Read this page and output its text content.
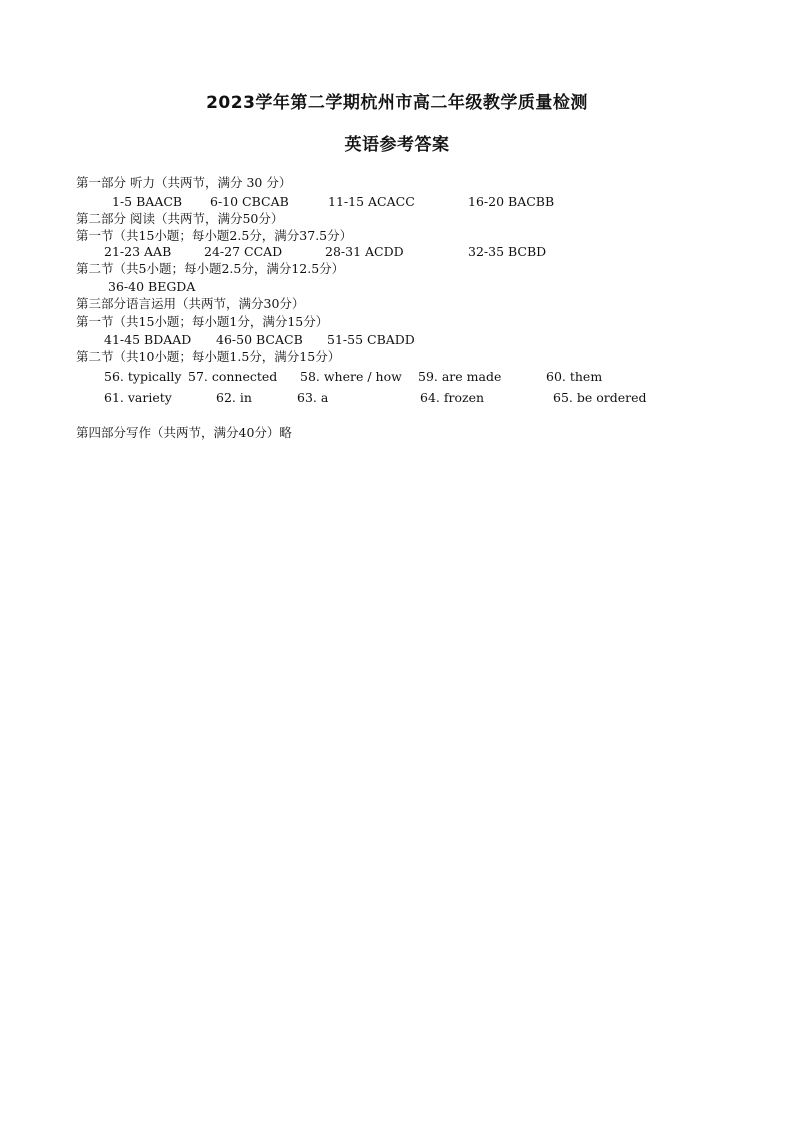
2023学年第二学期杭州市高二年级教学质量检测
英语参考答案
第一部分 听力（共两节，满分 30 分）
1-5 BAACB 6-10 CBCAB	11-15 ACACC	16-20 BACBB
第二部分 阅读（共两节，满分50分）
第一节（共15小题；每小题2.5分，满分37.5分）
21-23 AAB	24-27 CCAD	28-31 ACDD	32-35 BCBD
第二节（共5小题；每小题2.5分，满分12.5分）
36-40 BEGDA
第三部分语言运用（共两节，满分30分）
第一节（共15小题；每小题1分，满分15分）
41-45 BDAAD 46-50 BCACB 51-55 CBADD
第二节（共10小题；每小题1.5分，满分15分）
56. typically 57. connected 58. where / how 59. are made	60. them
61. variety	62. in	63. a	64. frozen	65. be ordered
第四部分写作（共两节，满分40分）略
